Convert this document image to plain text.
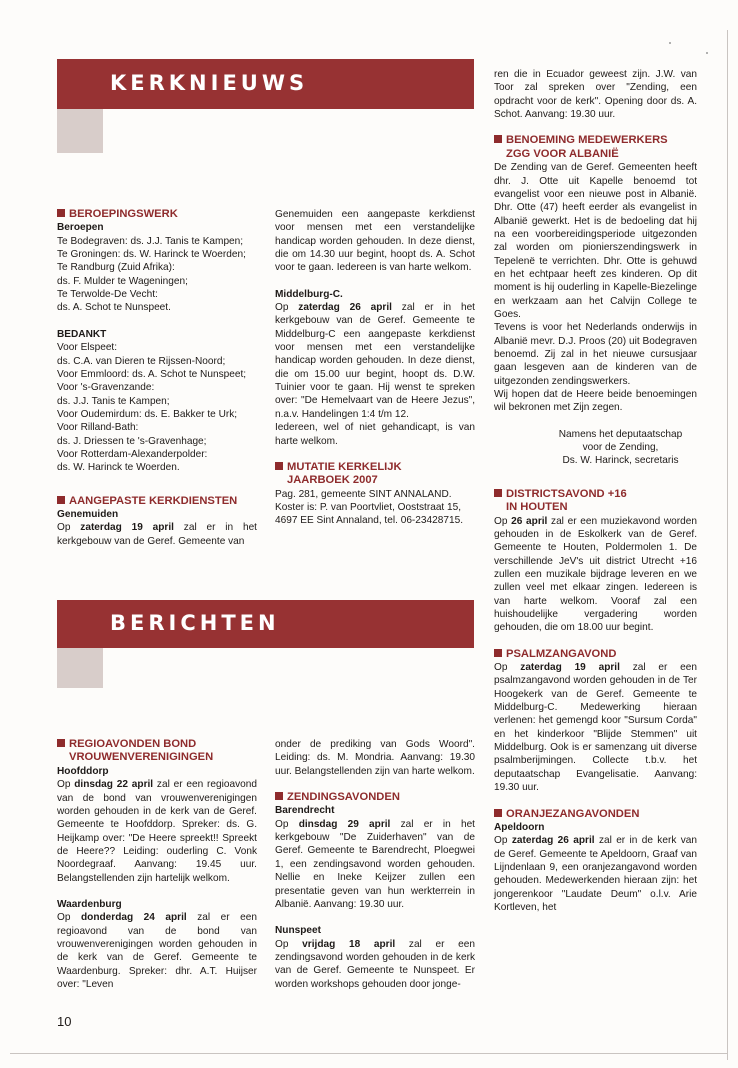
KERKNIEUWS
BERICHTEN
BEROEPINGSWERK

Beroepen

Te Bodegraven: ds. J.J. Tanis te Kampen;

Te Groningen: ds. W. Harinck te Woerden;

Te Randburg (Zuid Afrika):

ds. F. Mulder te Wageningen;

Te Terwolde-De Vecht:

ds. A. Schot te Nunspeet.

BEDANKT

Voor Elspeet:

ds. C.A. van Dieren te Rijssen-Noord;

Voor Emmloord: ds. A. Schot te Nunspeet;

Voor 's-Gravenzande:

ds. J.J. Tanis te Kampen;

Voor Oudemirdum: ds. E. Bakker te Urk;

Voor Rilland-Bath:

ds. J. Driessen te 's-Gravenhage;

Voor Rotterdam-Alexanderpolder:

ds. W. Harinck te Woerden.

AANGEPASTE KERKDIENSTEN

Genemuiden

Op zaterdag 19 april zal er in het kerkgebouw van de Geref. Gemeente van

Genemuiden een aangepaste kerkdienst voor mensen met een verstandelijke handicap worden gehouden. In deze dienst, die om 14.30 uur begint, hoopt ds. A. Schot voor te gaan. Iedereen is van harte welkom.

Middelburg-C.

Op zaterdag 26 april zal er in het kerkgebouw van de Geref. Gemeente te Middelburg-C een aangepaste kerkdienst voor mensen met een verstandelijke handicap worden gehouden. In deze dienst, die om 15.00 uur begint, hoopt ds. D.W. Tuinier voor te gaan. Hij wenst te spreken over: "De Hemelvaart van de Heere Jezus", n.a.v. Handelingen 1:4 t/m 12.

Iedereen, wel of niet gehandicapt, is van harte welkom.

MUTATIE KERKELIJK
JAARBOEK 2007

Pag. 281, gemeente SINT ANNALAND.

Koster is: P. van Poortvliet, Ooststraat 15,

4697 EE Sint Annaland, tel. 06-23428715.

ren die in Ecuador geweest zijn. J.W. van Toor zal spreken over "Zending, een opdracht voor de kerk". Opening door ds. A. Schot. Aanvang: 19.30 uur.

BENOEMING MEDEWERKERS
ZGG VOOR ALBANIË

De Zending van de Geref. Gemeenten heeft dhr. J. Otte uit Kapelle benoemd tot evangelist voor een nieuwe post in Albanië. Dhr. Otte (47) heeft eerder als evangelist in Albanië gewerkt. Het is de bedoeling dat hij na een voorbereidingsperiode uitgezonden zal worden om pionierszendingswerk in Tepelenë te verrichten. Dhr. Otte is gehuwd en het echtpaar heeft zes kinderen. Op dit moment is hij ouderling in Kapelle-Biezelinge en werkzaam aan het Calvijn College te Goes.

Tevens is voor het Nederlands onderwijs in Albanië mevr. D.J. Proos (20) uit Bodegraven benoemd. Zij zal in het nieuwe cursusjaar gaan lesgeven aan de kinderen van de uitgezonden zendingswerkers.

Wij hopen dat de Heere beide benoemingen wil bekronen met Zijn zegen.

Namens het deputaatschap

voor de Zending,

Ds. W. Harinck, secretaris

DISTRICTSAVOND +16
IN HOUTEN

Op 26 april zal er een muziekavond worden gehouden in de Eskolkerk van de Geref. Gemeente te Houten, Poldermolen 1. De verschillende JeV's uit district Utrecht +16 zullen een muzikale bijdrage leveren en we zullen veel met elkaar zingen. Iedereen is van harte welkom. Vooraf zal een huishoudelijke vergadering worden gehouden, die om 18.00 uur begint.

PSALMZANGAVOND

Op zaterdag 19 april zal er een psalmzangavond worden gehouden in de Ter Hoogekerk van de Geref. Gemeente te Middelburg-C. Medewerking hieraan verlenen: het gemengd koor "Sursum Corda" en het kinderkoor "Blijde Stemmen" uit Middelburg. Ook is er samenzang uit diverse psalmberijmingen. Collecte t.b.v. het deputaatschap Evangelisatie. Aanvang: 19.30 uur.

ORANJEZANGAVONDEN

Apeldoorn

Op zaterdag 26 april zal er in de kerk van de Geref. Gemeente te Apeldoorn, Graaf van Lijndenlaan 9, een oranjezangavond worden gehouden. Medewerkenden hieraan zijn: het jongerenkoor "Laudate Deum" o.l.v. Arie Kortleven, het

REGIOAVONDEN BOND
VROUWENVERENIGINGEN

Hoofddorp

Op dinsdag 22 april zal er een regioavond van de bond van vrouwenverenigingen worden gehouden in de kerk van de Geref. Gemeente te Hoofddorp. Spreker: ds. G. Heijkamp over: "De Heere spreekt!! Spreekt de Heere?? Leiding: ouderling C. Vonk Noordegraaf. Aanvang: 19.45 uur. Belangstellenden zijn hartelijk welkom.

Waardenburg

Op donderdag 24 april zal er een regioavond van de bond van vrouwenverenigingen worden gehouden in de kerk van de Geref. Gemeente te Waardenburg. Spreker: dhr. A.T. Huijser over: "Leven

onder de prediking van Gods Woord". Leiding: ds. M. Mondria. Aanvang: 19.30 uur. Belangstellenden zijn van harte welkom.

ZENDINGSAVONDEN

Barendrecht

Op dinsdag 29 april zal er in het kerkgebouw "De Zuiderhaven" van de Geref. Gemeente te Barendrecht, Ploegwei 1, een zendingsavond worden gehouden. Nellie en Ineke Keijzer zullen een presentatie geven van hun werkterrein in Albanië. Aanvang: 19.30 uur.

Nunspeet

Op vrijdag 18 april zal er een zendingsavond worden gehouden in de kerk van de Geref. Gemeente te Nunspeet. Er worden workshops gehouden door jonge-

10
